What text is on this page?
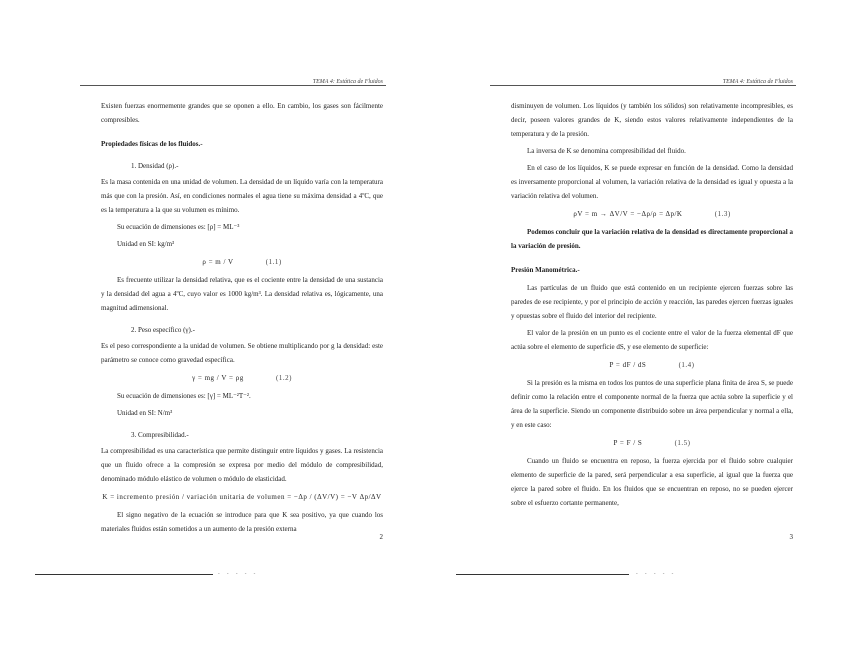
TEMA 4: Estática de Fluidos

Existen fuerzas enormemente grandes que se oponen a ello. En cambio, los gases son fácilmente compresibles.

Propiedades físicas de los fluidos.-

1. Densidad (ρ).-

Es la masa contenida en una unidad de volumen. La densidad de un líquido varía con la temperatura más que con la presión. Así, en condiciones normales el agua tiene su máxima densidad a 4ºC, que es la temperatura a la que su volumen es mínimo.

Su ecuación de dimensiones es: [ρ] = ML⁻³

Unidad en SI: kg/m³

ρ = m / V	(1.1)

Es frecuente utilizar la densidad relativa, que es el cociente entre la densidad de una sustancia y la densidad del agua a 4ºC, cuyo valor es 1000 kg/m³. La densidad relativa es, lógicamente, una magnitud adimensional.

2. Peso específico (γ).-

Es el peso correspondiente a la unidad de volumen. Se obtiene multiplicando por g la densidad: este parámetro se conoce como gravedad específica.

γ = mg / V = ρg	(1.2)

Su ecuación de dimensiones es: [γ] = ML⁻²T⁻².

Unidad en SI: N/m³

3. Compresibilidad.-

La compresibilidad es una característica que permite distinguir entre líquidos y gases. La resistencia que un fluido ofrece a la compresión se expresa por medio del módulo de compresibilidad, denominado módulo elástico de volumen o módulo de elasticidad.

K = incremento presión / variación unitaria de volumen = −Δp / (ΔV/V) = −V Δp/ΔV

El signo negativo de la ecuación se introduce para que K sea positivo, ya que cuando los materiales fluidos están sometidos a un aumento de la presión externa

2
TEMA 4: Estática de Fluidos

disminuyen de volumen. Los líquidos (y también los sólidos) son relativamente incompresibles, es decir, poseen valores grandes de K, siendo estos valores relativamente independientes de la temperatura y de la presión.

La inversa de K se denomina compresibilidad del fluido.

En el caso de los líquidos, K se puede expresar en función de la densidad. Como la densidad es inversamente proporcional al volumen, la variación relativa de la densidad es igual y opuesta a la variación relativa del volumen.

ρV = m → ΔV/V = −Δρ/ρ = Δp/K	(1.3)

Podemos concluir que la variación relativa de la densidad es directamente proporcional a la variación de presión.

Presión Manométrica.-

Las partículas de un fluido que está contenido en un recipiente ejercen fuerzas sobre las paredes de ese recipiente, y por el principio de acción y reacción, las paredes ejercen fuerzas iguales y opuestas sobre el fluido del interior del recipiente.

El valor de la presión en un punto es el cociente entre el valor de la fuerza elemental dF que actúa sobre el elemento de superficie dS, y ese elemento de superficie:

P = dF / dS	(1.4)

Si la presión es la misma en todos los puntos de una superficie plana finita de área S, se puede definir como la relación entre el componente normal de la fuerza que actúa sobre la superficie y el área de la superficie. Siendo un componente distribuido sobre un área perpendicular y normal a ella, y en este caso:

P = F / S	(1.5)

Cuando un fluido se encuentra en reposo, la fuerza ejercida por el fluido sobre cualquier elemento de superficie de la pared, será perpendicular a esa superficie, al igual que la fuerza que ejerce la pared sobre el fluido. En los fluidos que se encuentran en reposo, no se pueden ejercer sobre el esfuerzo cortante permanente,

3
- - - - -	- - - - -
